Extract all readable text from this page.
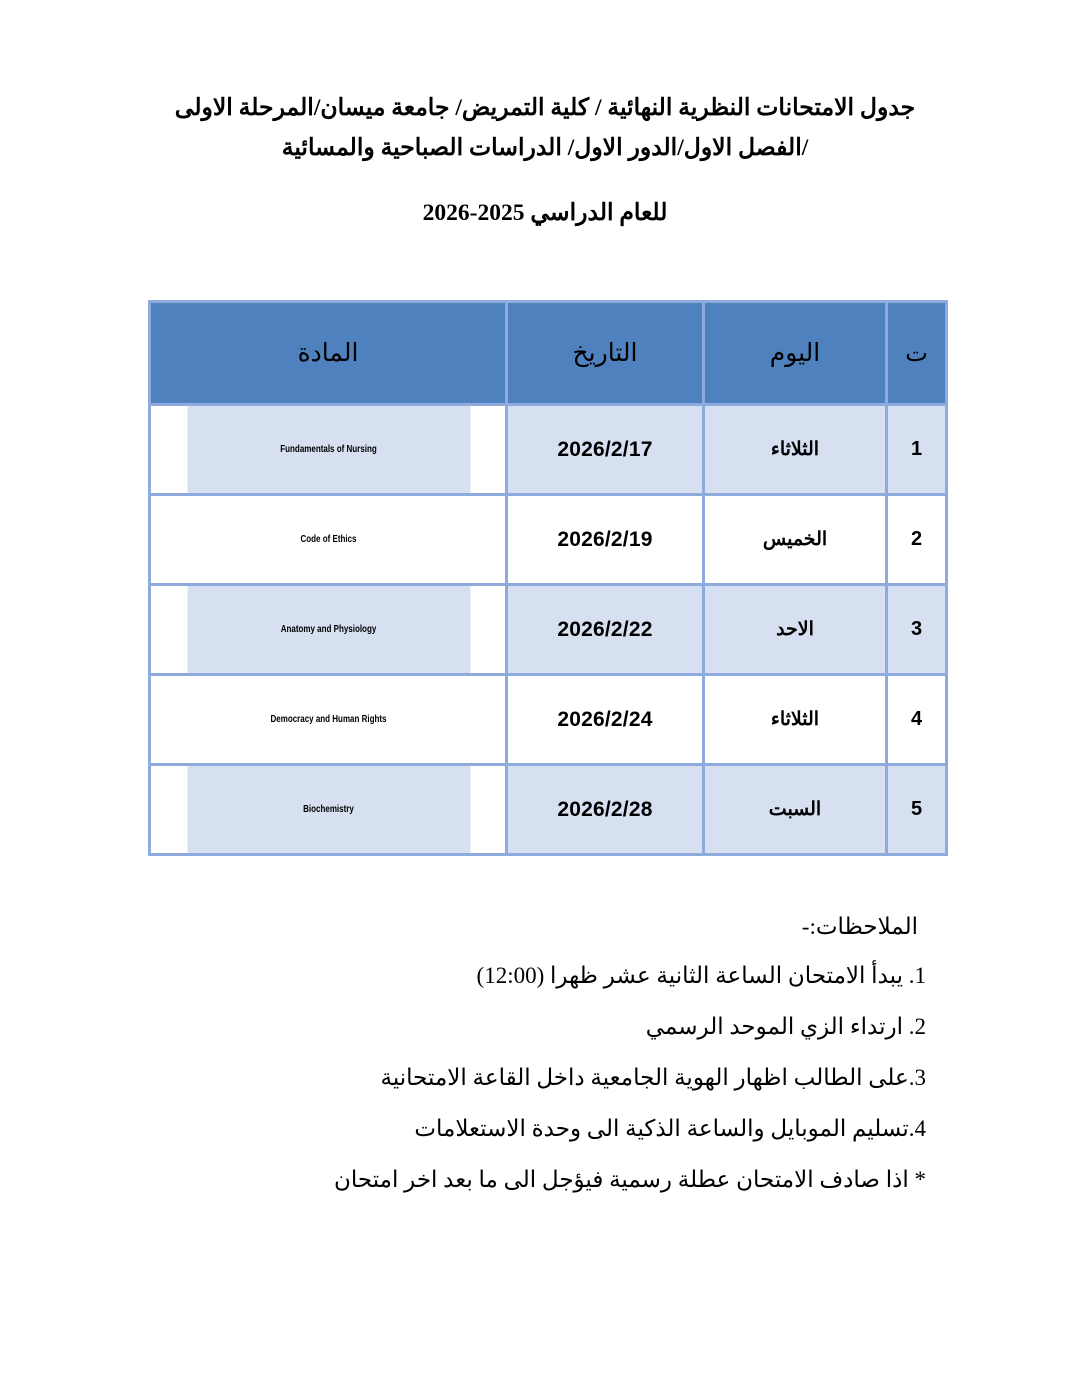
جدول الامتحانات النظرية النهائية / كلية التمريض/ جامعة ميسان/المرحلة الاولى
/الفصل الاول/الدور الاول/ الدراسات الصباحية والمسائية
للعام الدراسي 2025-2026
ت	اليوم	التاريخ	المادة
1	الثلاثاء	2026/2/17	Fundamentals of Nursing
2	الخميس	2026/2/19	Code of Ethics
3	الاحد	2026/2/22	Anatomy and Physiology
4	الثلاثاء	2026/2/24	Democracy and Human Rights
5	السبت	2026/2/28	Biochemistry
الملاحظات:-
1. يبدأ الامتحان الساعة الثانية عشر ظهرا (12:00)
2. ارتداء الزي الموحد الرسمي
3.على الطالب اظهار الهوية الجامعية داخل القاعة الامتحانية
4.تسليم الموبايل والساعة الذكية الى وحدة الاستعلامات
* اذا صادف الامتحان عطلة رسمية فيؤجل الى ما بعد اخر امتحان
